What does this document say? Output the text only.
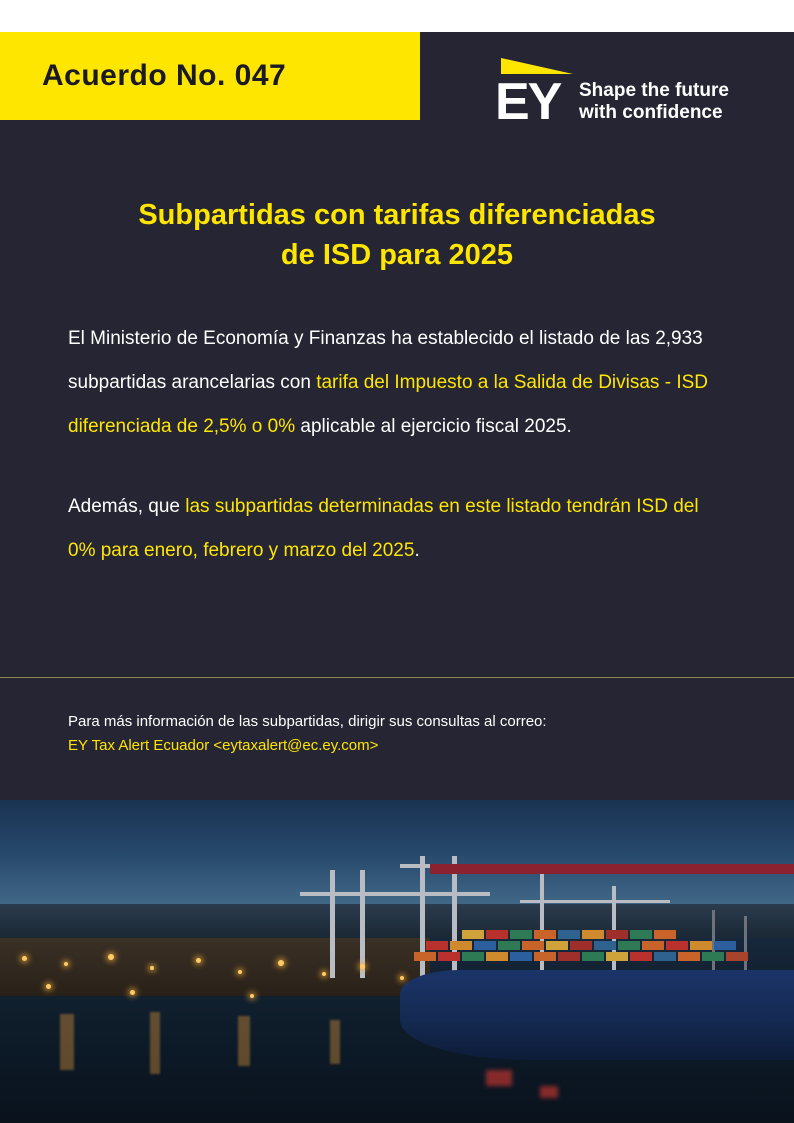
Acuerdo No. 047	EY Shape the future
with confidence
Subpartidas con tarifas diferenciadas
de ISD para 2025

El Ministerio de Economía y Finanzas ha establecido el listado de las 2,933 subpartidas arancelarias con tarifa del Impuesto a la Salida de Divisas - ISD diferenciada de 2,5% o 0% aplicable al ejercicio fiscal 2025.

Además, que las subpartidas determinadas en este listado tendrán ISD del 0% para enero, febrero y marzo del 2025.

Para más información de las subpartidas, dirigir sus consultas al correo:
EY Tax Alert Ecuador <eytaxalert@ec.ey.com>
